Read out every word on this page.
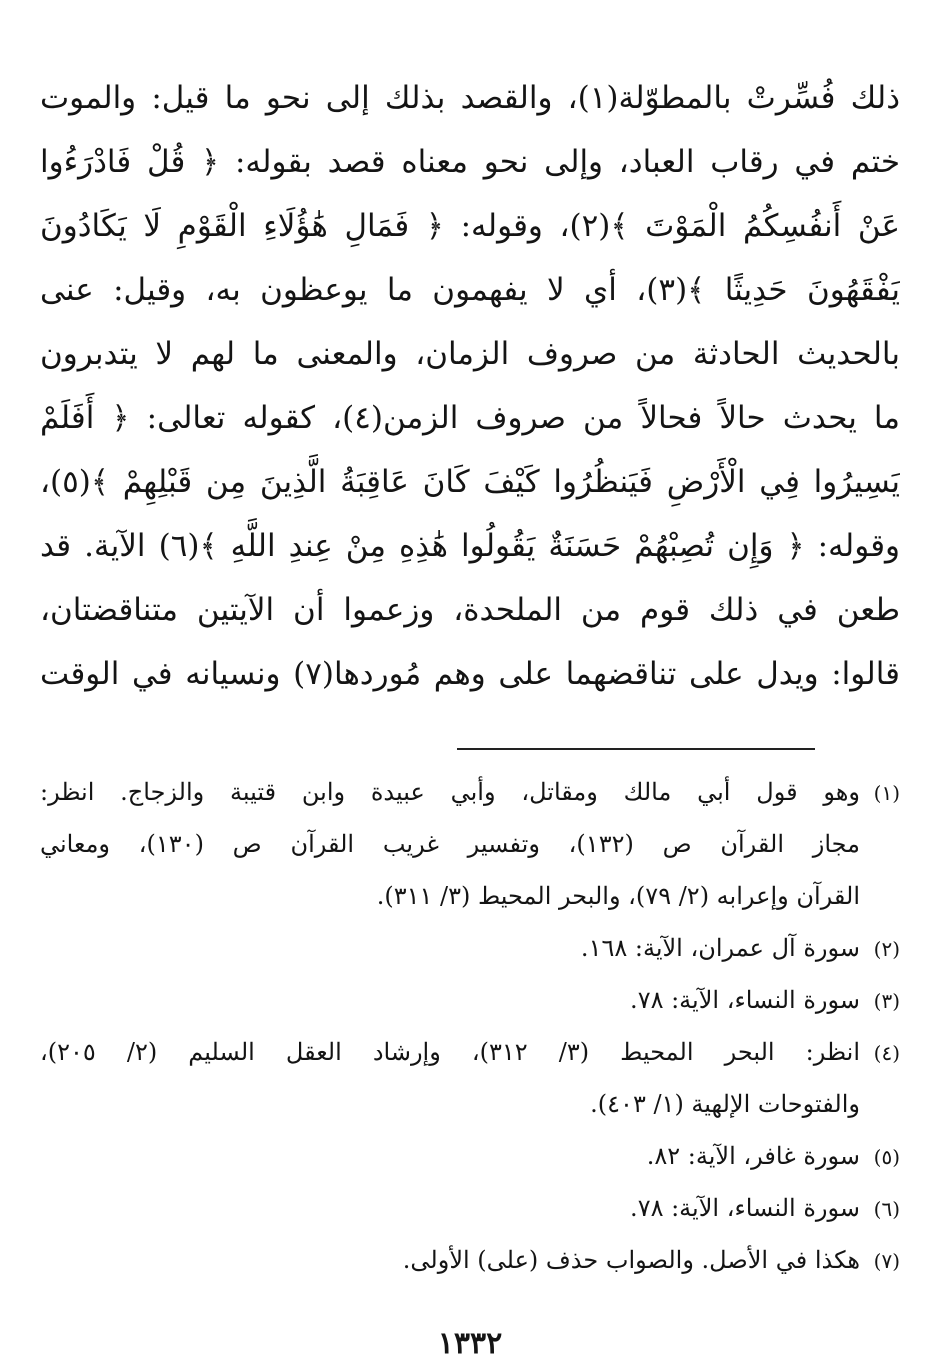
ذلك فُسِّرتْ بالمطوّلة(١)، والقصد بذلك إلى نحو ما قيل: والموت
ختم في رقاب العباد، وإلى نحو معناه قصد بقوله: ﴿ قُلْ فَادْرَءُوا
عَنْ أَنفُسِكُمُ الْمَوْتَ ﴾(٢)، وقوله: ﴿ فَمَالِ هَٰؤُلَاءِ الْقَوْمِ لَا يَكَادُونَ
يَفْقَهُونَ حَدِيثًا ﴾(٣)، أي لا يفهمون ما يوعظون به، وقيل: عنى
بالحديث الحادثة من صروف الزمان، والمعنى ما لهم لا يتدبرون
ما يحدث حالاً فحالاً من صروف الزمن(٤)، كقوله تعالى: ﴿ أَفَلَمْ
يَسِيرُوا فِي الْأَرْضِ فَيَنظُرُوا كَيْفَ كَانَ عَاقِبَةُ الَّذِينَ مِن قَبْلِهِمْ ﴾(٥)،
وقوله: ﴿ وَإِن تُصِبْهُمْ حَسَنَةٌ يَقُولُوا هَٰذِهِ مِنْ عِندِ اللَّهِ ﴾(٦) الآية. قد
طعن في ذلك قوم من الملحدة، وزعموا أن الآيتين متناقضتان،
قالوا: ويدل على تناقضهما على وهم مُوردها(٧) ونسيانه في الوقت
(١)وهو قول أبي مالك ومقاتل، وأبي عبيدة وابن قتيبة والزجاج. انظر:
مجاز القرآن ص (١٣٢)، وتفسير غريب القرآن ص (١٣٠)، ومعاني
القرآن وإعرابه (٢/ ٧٩)، والبحر المحيط (٣/ ٣١١).
(٢)سورة آل عمران، الآية: ١٦٨.
(٣)سورة النساء، الآية: ٧٨.
(٤)انظر: البحر المحيط (٣/ ٣١٢)، وإرشاد العقل السليم (٢/ ٢٠٥)،
والفتوحات الإلهية (١/ ٤٠٣).
(٥)سورة غافر، الآية: ٨٢.
(٦)سورة النساء، الآية: ٧٨.
(٧)هكذا في الأصل. والصواب حذف (على) الأولى.
١٣٣٢
